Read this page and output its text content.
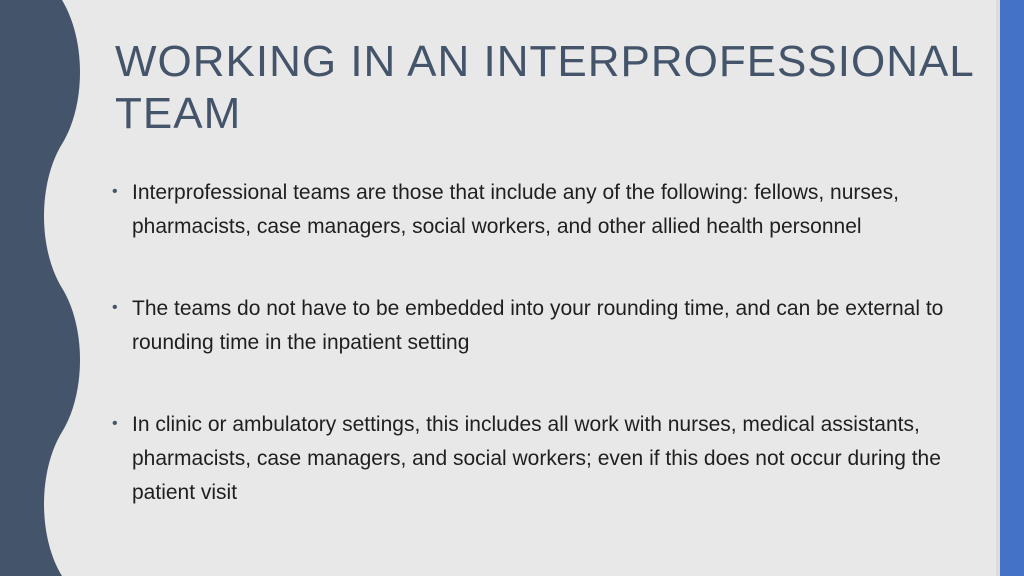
WORKING IN AN INTERPROFESSIONAL TEAM
• Interprofessional teams are those that include any of the following: fellows, nurses, pharmacists, case managers, social workers, and other allied health personnel
• The teams do not have to be embedded into your rounding time, and can be external to rounding time in the inpatient setting
• In clinic or ambulatory settings, this includes all work with nurses, medical assistants, pharmacists, case managers, and social workers; even if this does not occur during the patient visit
